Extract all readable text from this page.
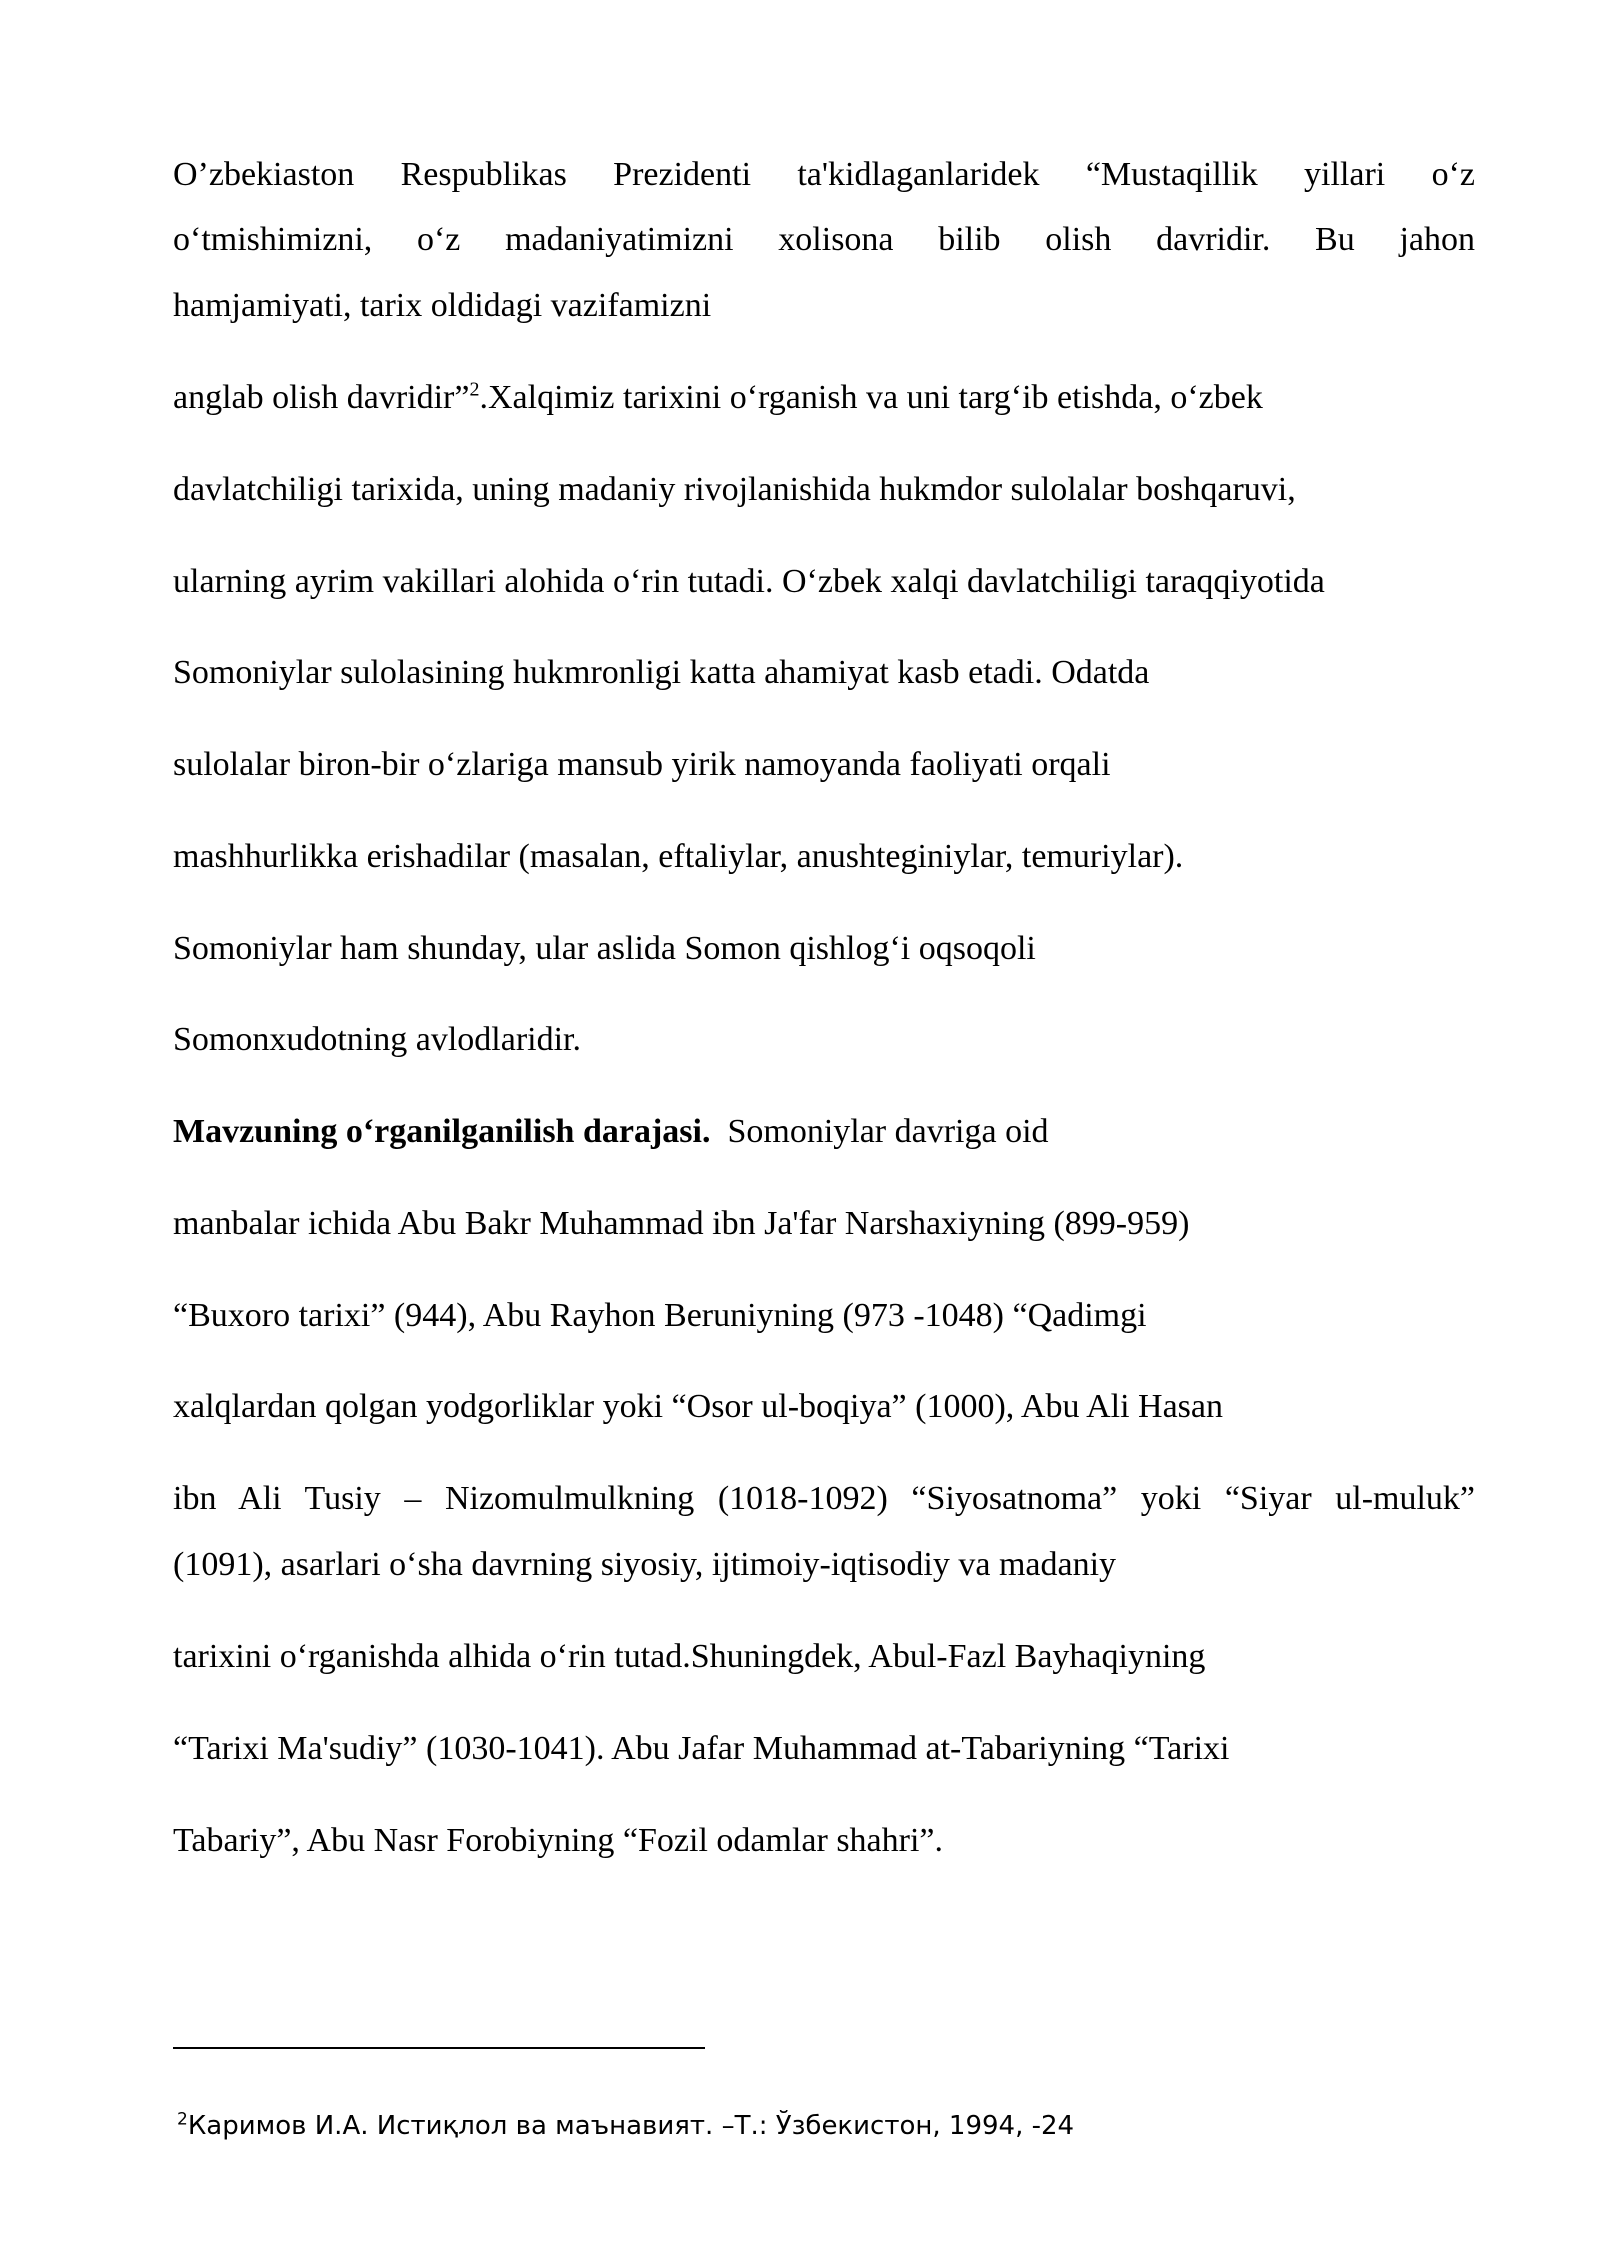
O’zbekiaston Respublikas Prezidenti ta'kidlaganlaridek “Mustaqillik yillari o‘z
o‘tmishimizni, o‘z madaniyatimizni xolisona bilib olish davridir. Bu jahon
hamjamiyati, tarix oldidagi vazifamizni
anglab olish davridir”$^2$.Xalqimiz tarixini o‘rganish va uni targ‘ib etishda, o‘zbek
davlatchiligi tarixida, uning madaniy rivojlanishida hukmdor sulolalar boshqaruvi,
ularning ayrim vakillari alohida o‘rin tutadi. O‘zbek xalqi davlatchiligi taraqqiyotida
Somoniylar sulolasining hukmronligi katta ahamiyat kasb etadi. Odatda
sulolalar biron-bir o‘zlariga mansub yirik namoyanda faoliyati orqali
mashhurlikka erishadilar (masalan, eftaliylar, anushteginiylar, temuriylar).
Somoniylar ham shunday, ular aslida Somon qishlog‘i oqsoqoli
Somonxudotning avlodlaridir.
Mavzuning o‘rganilganilish darajasi.  Somoniylar davriga oid
manbalar ichida Abu Bakr Muhammad ibn Ja'far Narshaxiyning (899-959)
“Buxoro tarixi” (944), Abu Rayhon Beruniyning (973 -1048) “Qadimgi
xalqlardan qolgan yodgorliklar yoki “Osor ul-boqiya” (1000), Abu Ali Hasan
ibn Ali Tusiy – Nizomulmulkning (1018-1092) “Siyosatnoma” yoki “Siyar ul-muluk”
(1091), asarlari o‘sha davrning siyosiy, ijtimoiy-iqtisodiy va madaniy
tarixini o‘rganishda alhida o‘rin tutad.Shuningdek, Abul-Fazl Bayhaqiyning
“Tarixi Ma'sudiy” (1030-1041). Abu Jafar Muhammad at-Tabariyning “Tarixi
Tabariy”, Abu Nasr Forobiyning “Fozil odamlar shahri”.
$^2$Каримов И.А. Истиқлол ва маънавият. –Т.: Ўзбекистон, 1994, -24
